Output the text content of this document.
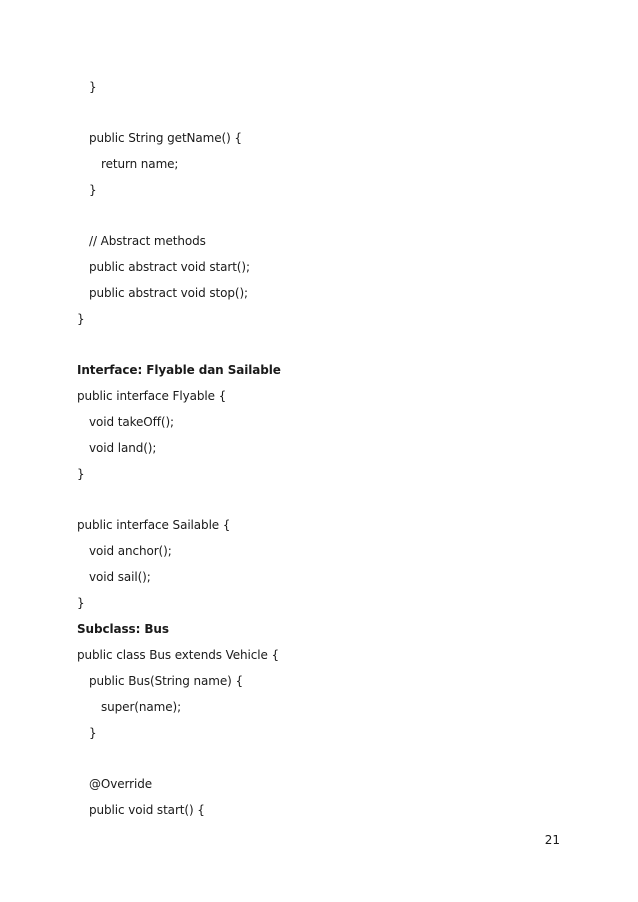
}
public String getName() {
return name;
}
// Abstract methods
public abstract void start();
public abstract void stop();
}
Interface: Flyable dan Sailable
public interface Flyable {
void takeOff();
void land();
}
public interface Sailable {
void anchor();
void sail();
}
Subclass: Bus
public class Bus extends Vehicle {
public Bus(String name) {
super(name);
}
@Override
public void start() {
21
